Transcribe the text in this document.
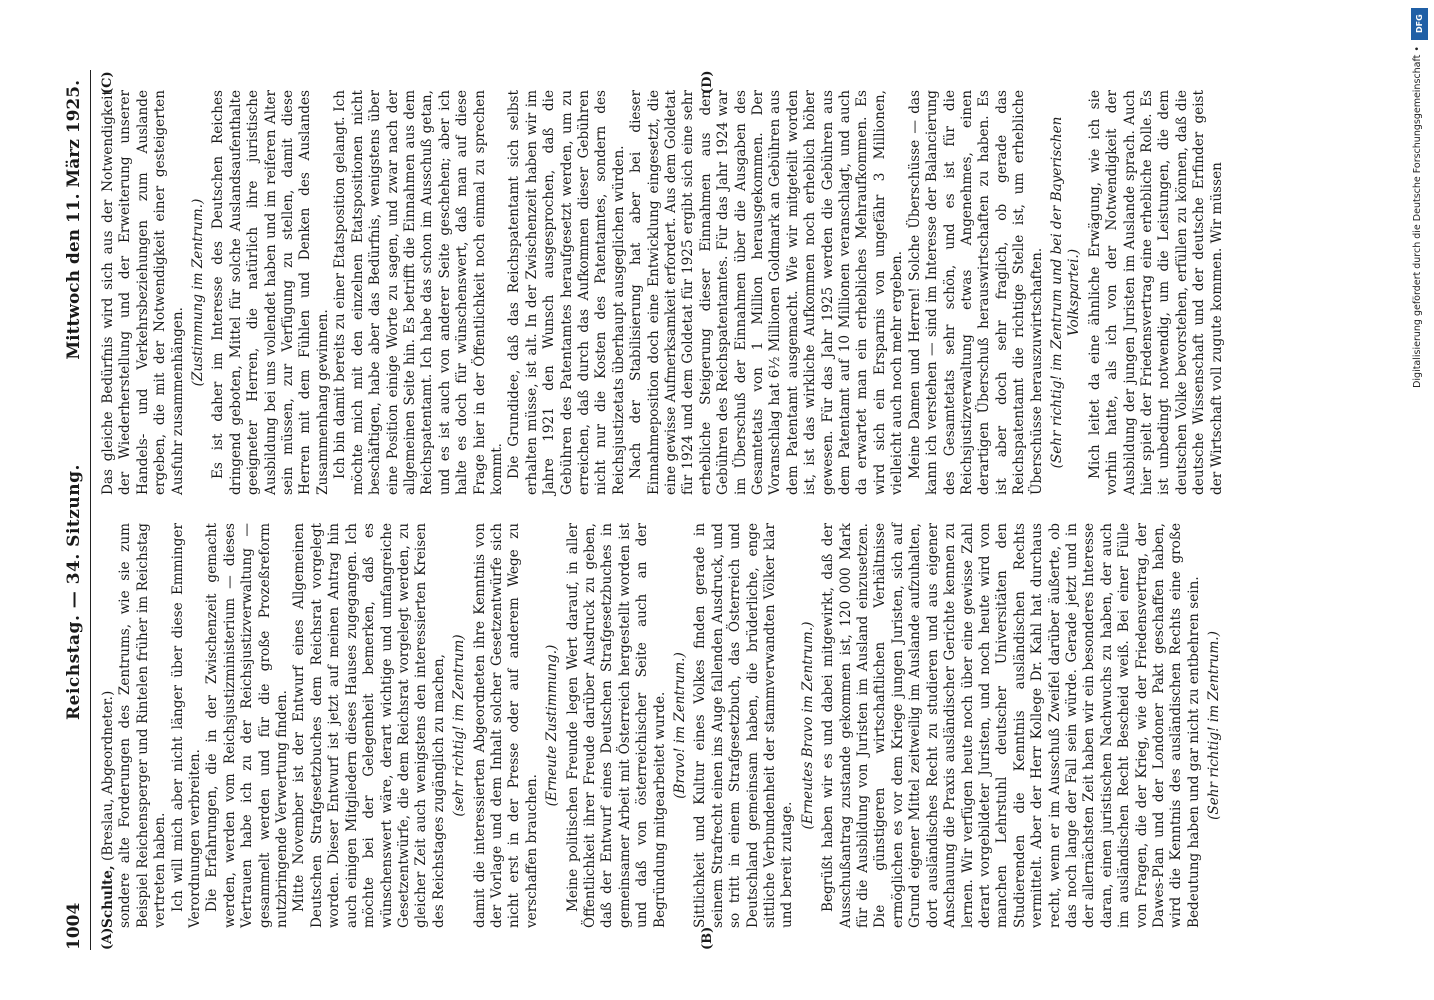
1004
Reichstag. — 34. Sitzung.
Mittwoch den 11. März 1925.
(A)	(B)
(C)	(D)

Schulte, (Breslau, Abgeordneter.) sondere alte Forderungen des Zentrums, wie sie zum Beispiel Reichensperger und Rintelen früher im Reichstag vertreten haben. Ich will mich aber nicht länger über diese Emminger Verordnungen verbreiten. Die Erfahrungen, die in der Zwischenzeit gemacht werden, werden vom Reichsjustizministerium — dieses Vertrauen habe ich zu der Reichsjustizverwaltung — gesammelt werden und für die große Prozeßreform nutzbringende Verwertung finden. Mitte November ist der Entwurf eines Allgemeinen Deutschen Strafgesetzbuches dem Reichsrat vorgelegt worden. Dieser Entwurf ist jetzt auf meinen Antrag hin auch einigen Mitgliedern dieses Hauses zugegangen. Ich möchte bei der Gelegenheit bemerken, daß es wünschenswert wäre, derart wichtige und umfangreiche Gesetzentwürfe, die dem Reichsrat vorgelegt werden, zu gleicher Zeit auch wenigstens den interessierten Kreisen des Reichstages zugänglich zu machen, (sehr richtig! im Zentrum) damit die interessierten Abgeordneten ihre Kenntnis von der Vorlage und dem Inhalt solcher Gesetzentwürfe sich nicht erst in der Presse oder auf anderem Wege zu verschaffen brauchen.

(Erneute Zustimmung.) Meine politischen Freunde legen Wert darauf, in aller Öffentlichkeit ihrer Freude darüber Ausdruck zu geben, daß der Entwurf eines Deutschen Strafgesetzbuches in gemeinsamer Arbeit mit Österreich hergestellt worden ist und daß von österreichischer Seite auch an der Begründung mitgearbeitet wurde. (Bravo! im Zentrum.) Sittlichkeit und Kultur eines Volkes finden gerade in seinem Strafrecht einen ins Auge fallenden Ausdruck, und so tritt in einem Strafgesetzbuch, das Österreich und Deutschland gemeinsam haben, die brüderliche, enge sittliche Verbundenheit der stammverwandten Völker klar und bereit zutage.

(Erneutes Bravo im Zentrum.) Begrüßt haben wir es und dabei mitgewirkt, daß der Ausschußantrag zustande gekommen ist, 120 000 Mark für die Ausbildung von Juristen im Ausland einzusetzen. Die günstigeren wirtschaftlichen Verhältnisse ermöglichen es vor dem Kriege jungen Juristen, sich auf Grund eigener Mittel zeitweilig im Auslande aufzuhalten, dort ausländisches Recht zu studieren und aus eigener Anschauung die Praxis ausländischer Gerichte kennen zu lernen. Wir verfügen heute noch über eine gewisse Zahl derart vorgebildeter Juristen, und noch heute wird von manchen Lehrstuhl deutscher Universitäten den Studierenden die Kenntnis ausländischen Rechts vermittelt. Aber der Herr Kollege Dr. Kahl hat durchaus recht, wenn er im Ausschuß Zweifel darüber äußerte, ob das noch lange der Fall sein würde. Gerade jetzt und in der allernächsten Zeit haben wir ein besonderes Interesse daran, einen juristischen Nachwuchs zu haben, der auch im ausländischen Recht Bescheid weiß. Bei einer Fülle von Fragen, die der Krieg, wie der Friedensvertrag, der Dawes-Plan und der Londoner Pakt geschaffen haben, wird die Kenntnis des ausländischen Rechts eine große Bedeutung haben und gar nicht zu entbehren sein. (Sehr richtig! im Zentrum.)

Das gleiche Bedürfnis wird sich aus der Notwendigkeit der Wiederherstellung und der Erweiterung unserer Handels- und Verkehrsbeziehungen zum Auslande ergeben, die mit der Notwendigkeit einer gesteigerten Ausfuhr zusammenhängen.

(Zustimmung im Zentrum.) Es ist daher im Interesse des Deutschen Reiches dringend geboten, Mittel für solche Auslandsaufenthalte geeigneter Herren, die natürlich ihre juristische Ausbildung bei uns vollendet haben und im reiferen Alter sein müssen, zur Verfügung zu stellen, damit diese Herren mit dem Fühlen und Denken des Auslandes Zusammenhang gewinnen. Ich bin damit bereits zu einer Etatsposition gelangt. Ich möchte mich mit den einzelnen Etatspositionen nicht beschäftigen, habe aber das Bedürfnis, wenigstens über eine Position einige Worte zu sagen, und zwar nach der allgemeinen Seite hin. Es betrifft die Einnahmen aus dem Reichspatentamt. Ich habe das schon im Ausschuß getan, und es ist auch von anderer Seite geschehen; aber ich halte es doch für wünschenswert, daß man auf diese Frage hier in der Öffentlichkeit noch einmal zu sprechen kommt. Die Grundidee, daß das Reichspatentamt sich selbst erhalten müsse, ist alt. In der Zwischenzeit haben wir im Jahre 1921 den Wunsch ausgesprochen, daß die Gebühren des Patentamtes heraufgesetzt werden, um zu erreichen, daß durch das Aufkommen dieser Gebühren nicht nur die Kosten des Patentamtes, sondern des Reichsjustizetats überhaupt ausgeglichen würden. Nach der Stabilisierung hat aber bei dieser Einnahmeposition doch eine Entwicklung eingesetzt, die eine gewisse Aufmerksamkeit erfordert. Aus dem Goldetat für 1924 und dem Goldetat für 1925 ergibt sich eine sehr erhebliche Steigerung dieser Einnahmen aus den Gebühren des Reichspatentamtes. Für das Jahr 1924 war im Überschuß der Einnahmen über die Ausgaben des Gesamtetats von 1 Million herausgekommen. Der Voranschlag hat 6½ Millionen Goldmark an Gebühren aus dem Patentamt ausgemacht. Wie wir mitgeteilt worden ist, ist das wirkliche Aufkommen noch erheblich höher gewesen. Für das Jahr 1925 werden die Gebühren aus dem Patentamt auf 10 Millionen veranschlagt, und auch da erwartet man ein erhebliches Mehraufkommen. Es wird sich ein Ersparnis von ungefähr 3 Millionen, vielleicht auch noch mehr ergeben. Meine Damen und Herren! Solche Überschüsse — das kann ich verstehen — sind im Interesse der Balancierung des Gesamtetats sehr schön, und es ist für die Reichsjustizverwaltung etwas Angenehmes, einen derartigen Überschuß herauswirtschaften zu haben. Es ist aber doch sehr fraglich, ob gerade das Reichspatentamt die richtige Stelle ist, um erhebliche Überschüsse herauszuwirtschaften. (Sehr richtig! im Zentrum und bei der Bayerischen Volkspartei.) Mich leitet da eine ähnliche Erwägung, wie ich sie vorhin hatte, als ich von der Notwendigkeit der Ausbildung der jungen Juristen im Auslande sprach. Auch hier spielt der Friedensvertrag eine erhebliche Rolle. Es ist unbedingt notwendig, um die Leistungen, die dem deutschen Volke bevorstehen, erfüllen zu können, daß die deutsche Wissenschaft und der deutsche Erfinder geist der Wirtschaft voll zugute kommen. Wir müssen

DFG
Digitalisierung gefördert durch die Deutsche Forschungsgemeinschaft •
